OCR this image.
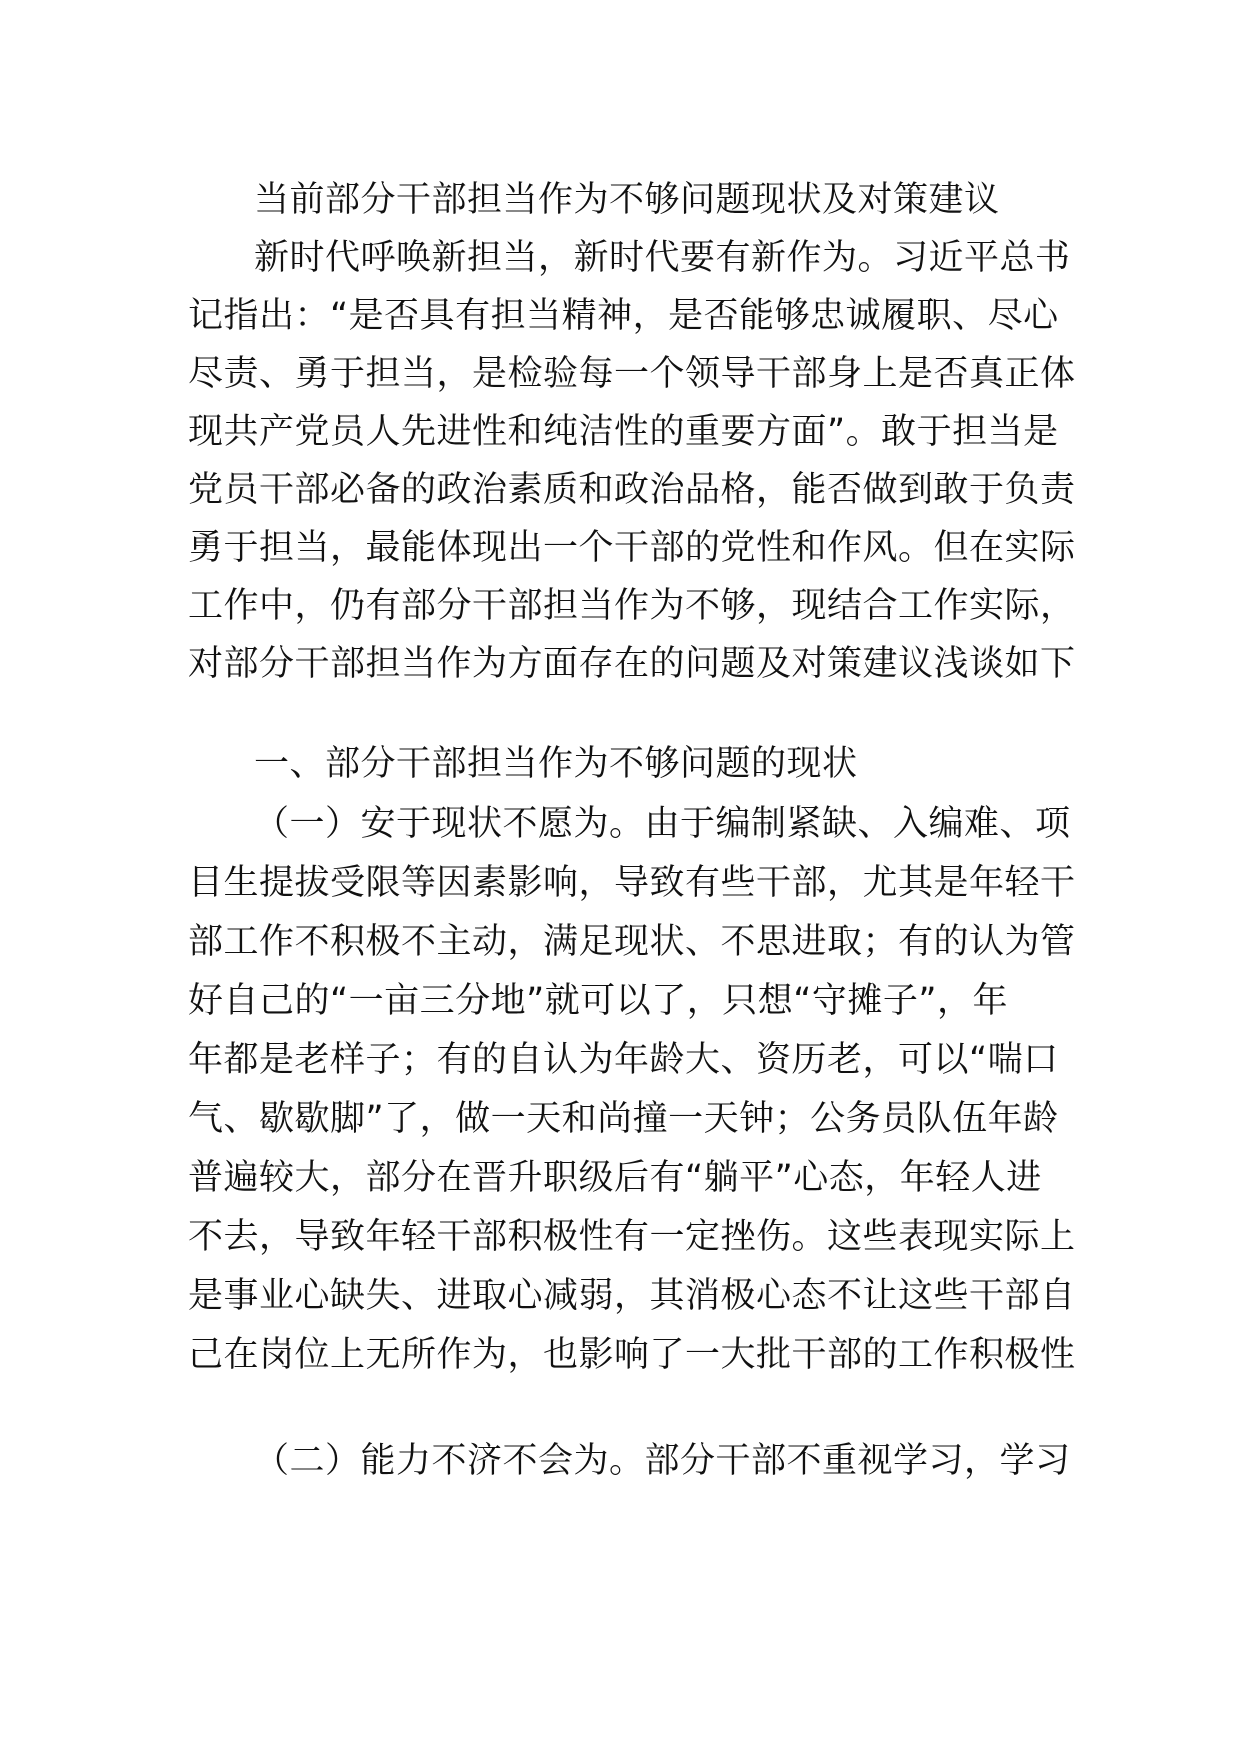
当前部分干部担当作为不够问题现状及对策建议
新时代呼唤新担当，新时代要有新作为。习近平总书
记指出：“是否具有担当精神，是否能够忠诚履职、尽心
尽责、勇于担当，是检验每一个领导干部身上是否真正体
现共产党员人先进性和纯洁性的重要方面”。敢于担当是
党员干部必备的政治素质和政治品格，能否做到敢于负责
勇于担当，最能体现出一个干部的党性和作风。但在实际
工作中，仍有部分干部担当作为不够，现结合工作实际，
对部分干部担当作为方面存在的问题及对策建议浅谈如下
一、部分干部担当作为不够问题的现状
（一）安于现状不愿为。由于编制紧缺、入编难、项
目生提拔受限等因素影响，导致有些干部，尤其是年轻干
部工作不积极不主动，满足现状、不思进取；有的认为管
好自己的“一亩三分地”就可以了，只想“守摊子”，年
年都是老样子；有的自认为年龄大、资历老，可以“喘口
气、歇歇脚”了，做一天和尚撞一天钟；公务员队伍年龄
普遍较大，部分在晋升职级后有“躺平”心态，年轻人进
不去，导致年轻干部积极性有一定挫伤。这些表现实际上
是事业心缺失、进取心减弱，其消极心态不让这些干部自
己在岗位上无所作为，也影响了一大批干部的工作积极性
（二）能力不济不会为。部分干部不重视学习，学习
